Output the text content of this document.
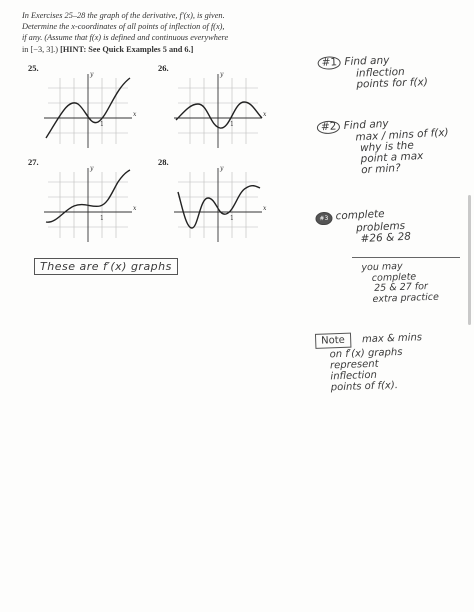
In Exercises 25–28 the graph of the derivative, f′(x), is given.
Determine the x-coordinates of all points of inflection of f(x),
if any. (Assume that f(x) is defined and continuous everywhere
in [−3, 3].) [HINT: See Quick Examples 5 and 6.]
25.	26.
27.	28.
y
x
1
y
x
1
y
x
1
y
x
1
These are f′(x) graphs
#1 Find any
inflection
points for f(x)
#2 Find any
max / mins of f(x)
why is the
point a max
or min?
#3 complete
problems
#26 & 28
you may
complete
25 & 27 for
extra practice
Note max & mins
on f′(x) graphs
represent
inflection
points of f(x).
